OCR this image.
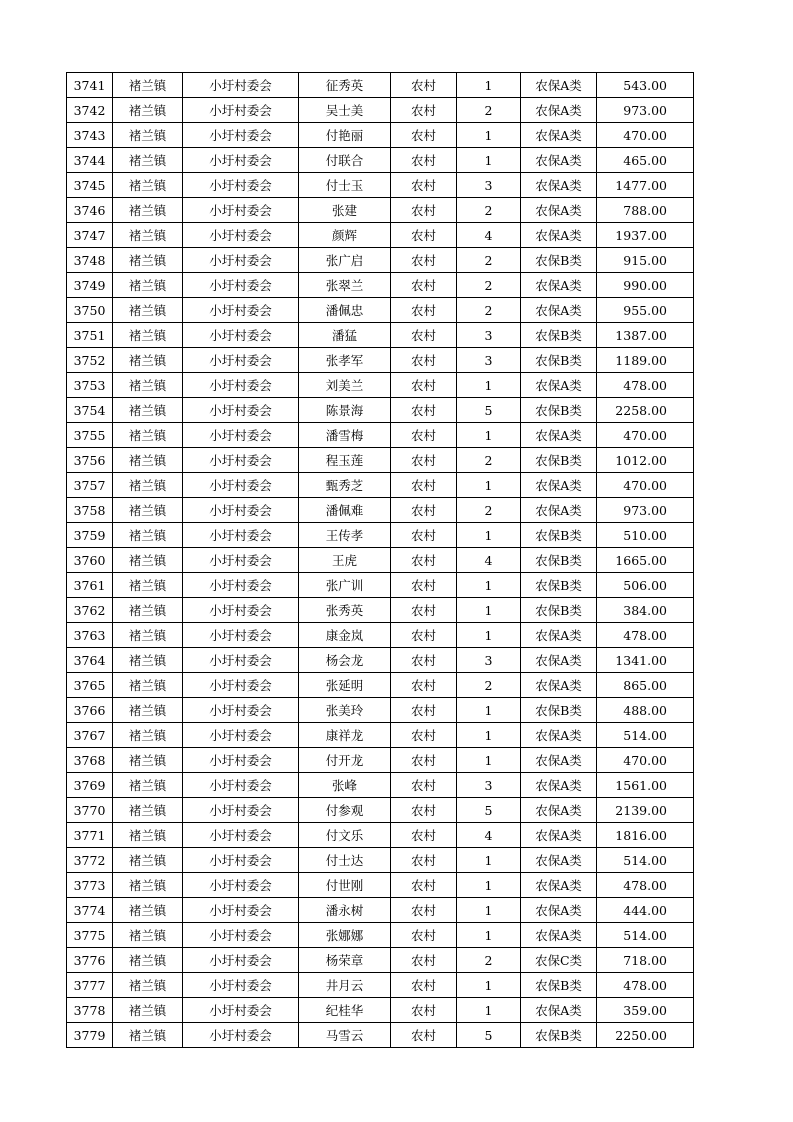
3741	褚兰镇	小圩村委会	征秀英	农村	1	农保A类	543.00
3742	褚兰镇	小圩村委会	吴士美	农村	2	农保A类	973.00
3743	褚兰镇	小圩村委会	付艳丽	农村	1	农保A类	470.00
3744	褚兰镇	小圩村委会	付联合	农村	1	农保A类	465.00
3745	褚兰镇	小圩村委会	付士玉	农村	3	农保A类	1477.00
3746	褚兰镇	小圩村委会	张建	农村	2	农保A类	788.00
3747	褚兰镇	小圩村委会	颜辉	农村	4	农保A类	1937.00
3748	褚兰镇	小圩村委会	张广启	农村	2	农保B类	915.00
3749	褚兰镇	小圩村委会	张翠兰	农村	2	农保A类	990.00
3750	褚兰镇	小圩村委会	潘佩忠	农村	2	农保A类	955.00
3751	褚兰镇	小圩村委会	潘猛	农村	3	农保B类	1387.00
3752	褚兰镇	小圩村委会	张孝军	农村	3	农保B类	1189.00
3753	褚兰镇	小圩村委会	刘美兰	农村	1	农保A类	478.00
3754	褚兰镇	小圩村委会	陈景海	农村	5	农保B类	2258.00
3755	褚兰镇	小圩村委会	潘雪梅	农村	1	农保A类	470.00
3756	褚兰镇	小圩村委会	程玉莲	农村	2	农保B类	1012.00
3757	褚兰镇	小圩村委会	甄秀芝	农村	1	农保A类	470.00
3758	褚兰镇	小圩村委会	潘佩难	农村	2	农保A类	973.00
3759	褚兰镇	小圩村委会	王传孝	农村	1	农保B类	510.00
3760	褚兰镇	小圩村委会	王虎	农村	4	农保B类	1665.00
3761	褚兰镇	小圩村委会	张广训	农村	1	农保B类	506.00
3762	褚兰镇	小圩村委会	张秀英	农村	1	农保B类	384.00
3763	褚兰镇	小圩村委会	康金岚	农村	1	农保A类	478.00
3764	褚兰镇	小圩村委会	杨会龙	农村	3	农保A类	1341.00
3765	褚兰镇	小圩村委会	张延明	农村	2	农保A类	865.00
3766	褚兰镇	小圩村委会	张美玲	农村	1	农保B类	488.00
3767	褚兰镇	小圩村委会	康祥龙	农村	1	农保A类	514.00
3768	褚兰镇	小圩村委会	付开龙	农村	1	农保A类	470.00
3769	褚兰镇	小圩村委会	张峰	农村	3	农保A类	1561.00
3770	褚兰镇	小圩村委会	付参观	农村	5	农保A类	2139.00
3771	褚兰镇	小圩村委会	付文乐	农村	4	农保A类	1816.00
3772	褚兰镇	小圩村委会	付士达	农村	1	农保A类	514.00
3773	褚兰镇	小圩村委会	付世刚	农村	1	农保A类	478.00
3774	褚兰镇	小圩村委会	潘永树	农村	1	农保A类	444.00
3775	褚兰镇	小圩村委会	张娜娜	农村	1	农保A类	514.00
3776	褚兰镇	小圩村委会	杨荣章	农村	2	农保C类	718.00
3777	褚兰镇	小圩村委会	井月云	农村	1	农保B类	478.00
3778	褚兰镇	小圩村委会	纪桂华	农村	1	农保A类	359.00
3779	褚兰镇	小圩村委会	马雪云	农村	5	农保B类	2250.00
